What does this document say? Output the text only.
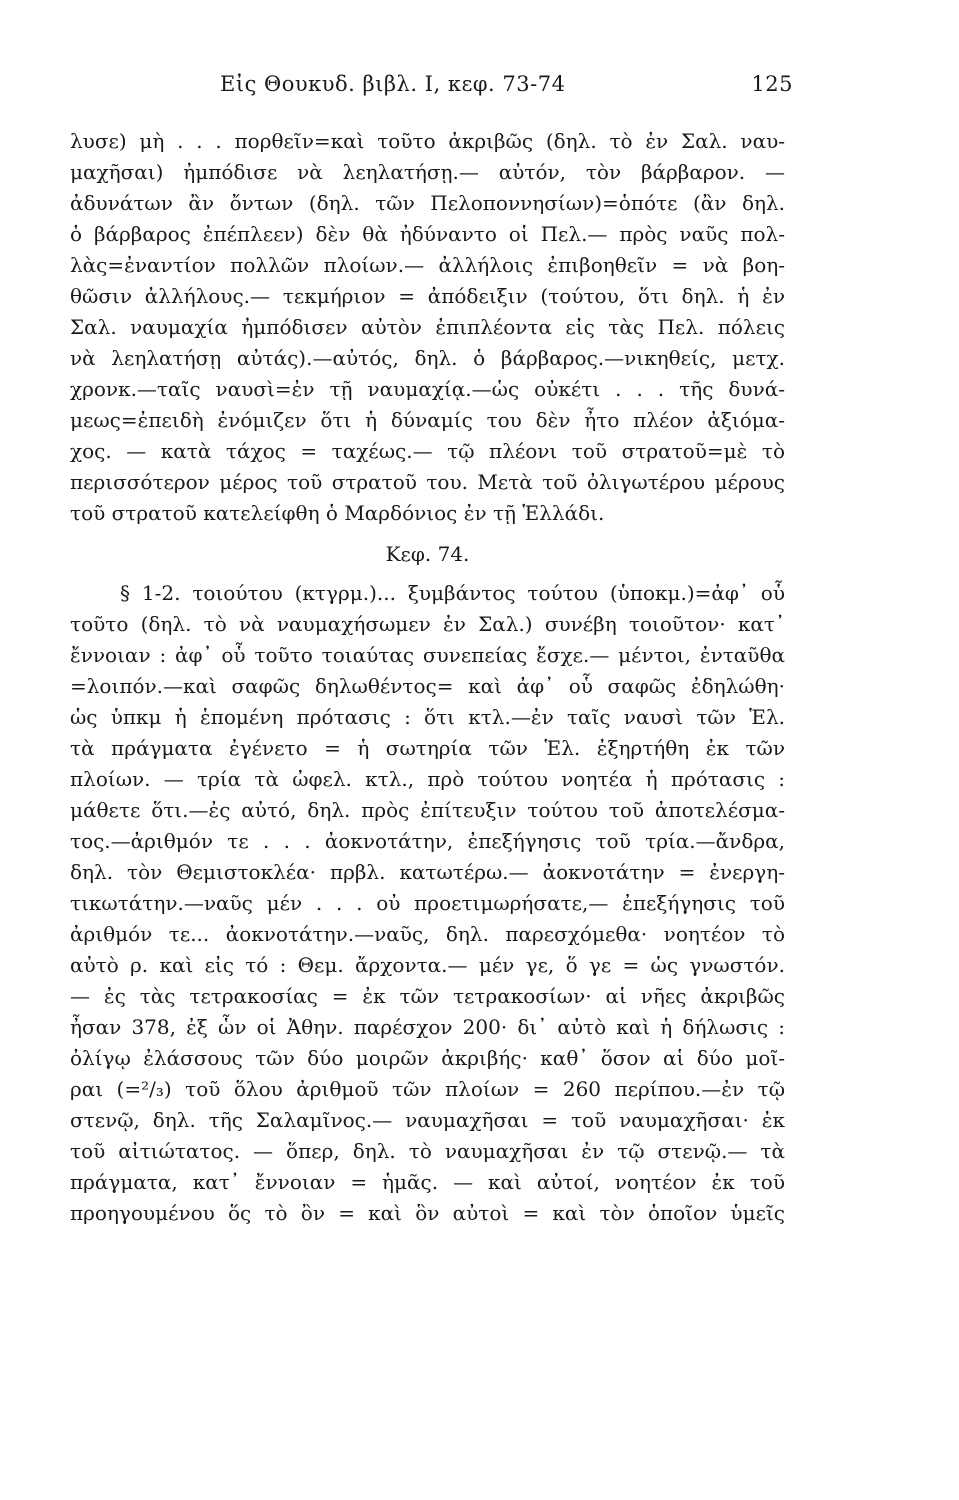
Εἰς Θουκυδ. βιβλ. I, κεφ. 73-74	125
λυσε) μὴ . . . πορθεῖν=καὶ τοῦτο ἀκριβῶς (δηλ. τὸ ἐν Σαλ. ναυ-
μαχῆσαι) ἠμπόδισε νὰ λεηλατήσῃ.— αὐτόν, τὸν βάρβαρον. —
ἀδυνάτων ἂν ὄντων (δηλ. τῶν Πελοποννησίων)=ὁπότε (ἂν δηλ.
ὁ βάρβαρος ἐπέπλεεν) δὲν θὰ ἠδύναντο οἱ Πελ.— πρὸς ναῦς πολ-
λὰς=ἐναντίον πολλῶν πλοίων.— ἀλλήλοις ἐπιβοηθεῖν = νὰ βοη-
θῶσιν ἀλλήλους.— τεκμήριον = ἀπόδειξιν (τούτου, ὅτι δηλ. ἡ ἐν
Σαλ. ναυμαχία ἠμπόδισεν αὐτὸν ἐπιπλέοντα εἰς τὰς Πελ. πόλεις
νὰ λεηλατήσῃ αὐτάς).—αὐτός, δηλ. ὁ βάρβαρος.—νικηθείς, μετχ.
χρονκ.—ταῖς ναυσὶ=ἐν τῇ ναυμαχίᾳ.—ὡς οὐκέτι . . . τῆς δυνά-
μεως=ἐπειδὴ ἐνόμιζεν ὅτι ἡ δύναμίς του δὲν ἦτο πλέον ἀξιόμα-
χος. — κατὰ τάχος = ταχέως.— τῷ πλέονι τοῦ στρατοῦ=μὲ τὸ
περισσότερον μέρος τοῦ στρατοῦ του. Μετὰ τοῦ ὀλιγωτέρου μέρους
τοῦ στρατοῦ κατελείφθη ὁ Μαρδόνιος ἐν τῇ Ἑλλάδι.
Κεφ. 74.
§ 1-2. τοιούτου (κτγρμ.)... ξυμβάντος τούτου (ὑποκμ.)=ἀφ᾽ οὗ
τοῦτο (δηλ. τὸ νὰ ναυμαχήσωμεν ἐν Σαλ.) συνέβη τοιοῦτον· κατ᾽
ἔννοιαν : ἀφ᾽ οὗ τοῦτο τοιαύτας συνεπείας ἔσχε.— μέντοι, ἐνταῦθα
=λοιπόν.—καὶ σαφῶς δηλωθέντος= καὶ ἀφ᾽ οὗ σαφῶς ἐδηλώθη·
ὡς ὑπκμ ἡ ἑπομένη πρότασις : ὅτι κτλ.—ἐν ταῖς ναυσὶ τῶν Ἑλ.
τὰ πράγματα ἐγένετο = ἡ σωτηρία τῶν Ἑλ. ἐξηρτήθη ἐκ τῶν
πλοίων. — τρία τὰ ὠφελ. κτλ., πρὸ τούτου νοητέα ἡ πρότασις :
μάθετε ὅτι.—ἐς αὐτό, δηλ. πρὸς ἐπίτευξιν τούτου τοῦ ἀποτελέσμα-
τος.—ἀριθμόν τε . . . ἀοκνοτάτην, ἐπεξήγησις τοῦ τρία.—ἄνδρα,
δηλ. τὸν Θεμιστοκλέα· πρβλ. κατωτέρω.— ἀοκνοτάτην = ἐνεργη-
τικωτάτην.—ναῦς μέν . . . οὐ προετιμωρήσατε,— ἐπεξήγησις τοῦ
ἀριθμόν τε... ἀοκνοτάτην.—ναῦς, δηλ. παρεσχόμεθα· νοητέον τὸ
αὐτὸ ρ. καὶ εἰς τό : Θεμ. ἄρχοντα.— μέν γε, ὅ γε = ὡς γνωστόν.
— ἐς τὰς τετρακοσίας = ἐκ τῶν τετρακοσίων· αἱ νῆες ἀκριβῶς
ἦσαν 378, ἐξ ὧν οἱ Ἀθην. παρέσχον 200· δι᾽ αὐτὸ καὶ ἡ δήλωσις :
ὀλίγῳ ἐλάσσους τῶν δύο μοιρῶν ἀκριβής· καθ᾽ ὅσον αἱ δύο μοῖ-
ραι (=²/₃) τοῦ ὅλου ἀριθμοῦ τῶν πλοίων = 260 περίπου.—ἐν τῷ
στενῷ, δηλ. τῆς Σαλαμῖνος.— ναυμαχῆσαι = τοῦ ναυμαχῆσαι· ἐκ
τοῦ αἰτιώτατος. — ὅπερ, δηλ. τὸ ναυμαχῆσαι ἐν τῷ στενῷ.— τὰ
πράγματα, κατ᾽ ἔννοιαν = ἡμᾶς. — καὶ αὐτοί, νοητέον ἐκ τοῦ
προηγουμένου ὅς τὸ ὂν = καὶ ὃν αὐτοὶ = καὶ τὸν ὁποῖον ὑμεῖς
